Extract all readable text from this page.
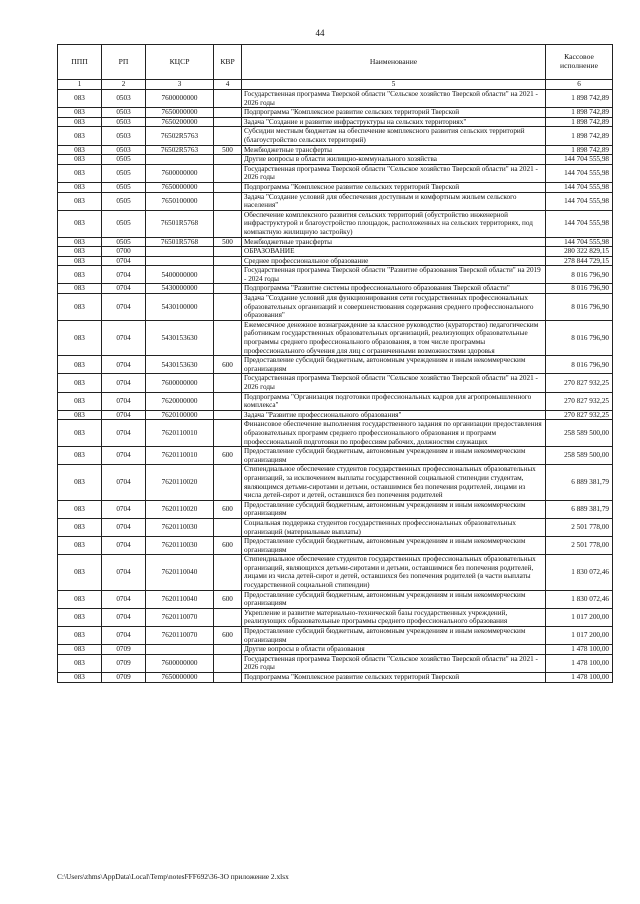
44
ППП	РП	КЦСР	КВР	Наименование	Кассовое исполнение
1	2	3	4	5	6
083	0503	7600000000		Государственная программа Тверской области "Сельское хозяйство Тверской области" на 2021 - 2026 годы	1 898 742,89
083	0503	7650000000		Подпрограмма "Комплексное развитие сельских территорий Тверской	1 898 742,89
083	0503	7650200000		Задача "Создание и развитие инфраструктуры на сельских территориях"	1 898 742,89
083	0503	76502R5763		Субсидии местным бюджетам на обеспечение комплексного развития сельских территорий (благоустройство сельских территорий)	1 898 742,89
083	0503	76502R5763	500	Межбюджетные трансферты	1 898 742,89
083	0505			Другие вопросы в области жилищно-коммунального хозяйства	144 704 555,98
083	0505	7600000000		Государственная программа Тверской области "Сельское хозяйство Тверской области" на 2021 - 2026 годы	144 704 555,98
083	0505	7650000000		Подпрограмма "Комплексное развитие сельских территорий Тверской	144 704 555,98
083	0505	7650100000		Задача "Создание условий для обеспечения доступным и комфортным жильем сельского населения"	144 704 555,98
083	0505	76501R5768		Обеспечение комплексного развития сельских территорий (обустройство инженерной инфраструктурой и благоустройство площадок, расположенных на сельских территориях, под компактную жилищную застройку)	144 704 555,98
083	0505	76501R5768	500	Межбюджетные трансферты	144 704 555,98
083	0700			ОБРАЗОВАНИЕ	280 322 829,15
083	0704			Среднее профессиональное образование	278 844 729,15
083	0704	5400000000		Государственная программа Тверской области "Развитие образования Тверской области" на 2019 - 2024 годы	8 016 796,90
083	0704	5430000000		Подпрограмма "Развитие системы профессионального образования Тверской области"	8 016 796,90
083	0704	5430100000		Задача "Создание условий для функционирования сети государственных профессиональных образовательных организаций и совершенствования содержания среднего профессионального образования"	8 016 796,90
083	0704	5430153630		Ежемесячное денежное вознаграждение за классное руководство (кураторство) педагогическим работникам государственных образовательных организаций, реализующих образовательные программы среднего профессионального образования, в том числе программы профессионального обучения для лиц с ограниченными возможностями здоровья	8 016 796,90
083	0704	5430153630	600	Предоставление субсидий бюджетным, автономным учреждениям и иным некоммерческим организациям	8 016 796,90
083	0704	7600000000		Государственная программа Тверской области "Сельское хозяйство Тверской области" на 2021 - 2026 годы	270 827 932,25
083	0704	7620000000		Подпрограмма "Организация подготовки профессиональных кадров для агропромышленного комплекса"	270 827 932,25
083	0704	7620100000		Задача "Развитие профессионального образования"	270 827 932,25
083	0704	7620110010		Финансовое обеспечение выполнения государственного задания по организации предоставления образовательных программ среднего профессионального образования и программ профессиональной подготовки по профессиям рабочих, должностям служащих	258 589 500,00
083	0704	7620110010	600	Предоставление субсидий бюджетным, автономным учреждениям и иным некоммерческим организациям	258 589 500,00
083	0704	7620110020		Стипендиальное обеспечение студентов государственных профессиональных образовательных организаций, за исключением выплаты государственной социальной стипендии студентам, являющимся детьми-сиротами и детьми, оставшимися без попечения родителей, лицами из числа детей-сирот и детей, оставшихся без попечения родителей	6 889 381,79
083	0704	7620110020	600	Предоставление субсидий бюджетным, автономным учреждениям и иным некоммерческим организациям	6 889 381,79
083	0704	7620110030		Социальная поддержка студентов государственных профессиональных образовательных организаций (материальные выплаты)	2 501 778,00
083	0704	7620110030	600	Предоставление субсидий бюджетным, автономным учреждениям и иным некоммерческим организациям	2 501 778,00
083	0704	7620110040		Стипендиальное обеспечение студентов государственных профессиональных образовательных организаций, являющихся детьми-сиротами и детьми, оставшимися без попечения родителей, лицами из числа детей-сирот и детей, оставшихся без попечения родителей (в части выплаты государственной социальной стипендии)	1 830 072,46
083	0704	7620110040	600	Предоставление субсидий бюджетным, автономным учреждениям и иным некоммерческим организациям	1 830 072,46
083	0704	7620110070		Укрепление и развитие материально-технической базы государственных учреждений, реализующих образовательные программы среднего профессионального образования	1 017 200,00
083	0704	7620110070	600	Предоставление субсидий бюджетным, автономным учреждениям и иным некоммерческим организациям	1 017 200,00
083	0709			Другие вопросы в области образования	1 478 100,00
083	0709	7600000000		Государственная программа Тверской области "Сельское хозяйство Тверской области" на 2021 - 2026 годы	1 478 100,00
083	0709	7650000000		Подпрограмма "Комплексное развитие сельских территорий Тверской	1 478 100,00
C:\Users\zhms\AppData\Local\Temp\notesFFF692\36-ЗО приложение 2.xlsx
